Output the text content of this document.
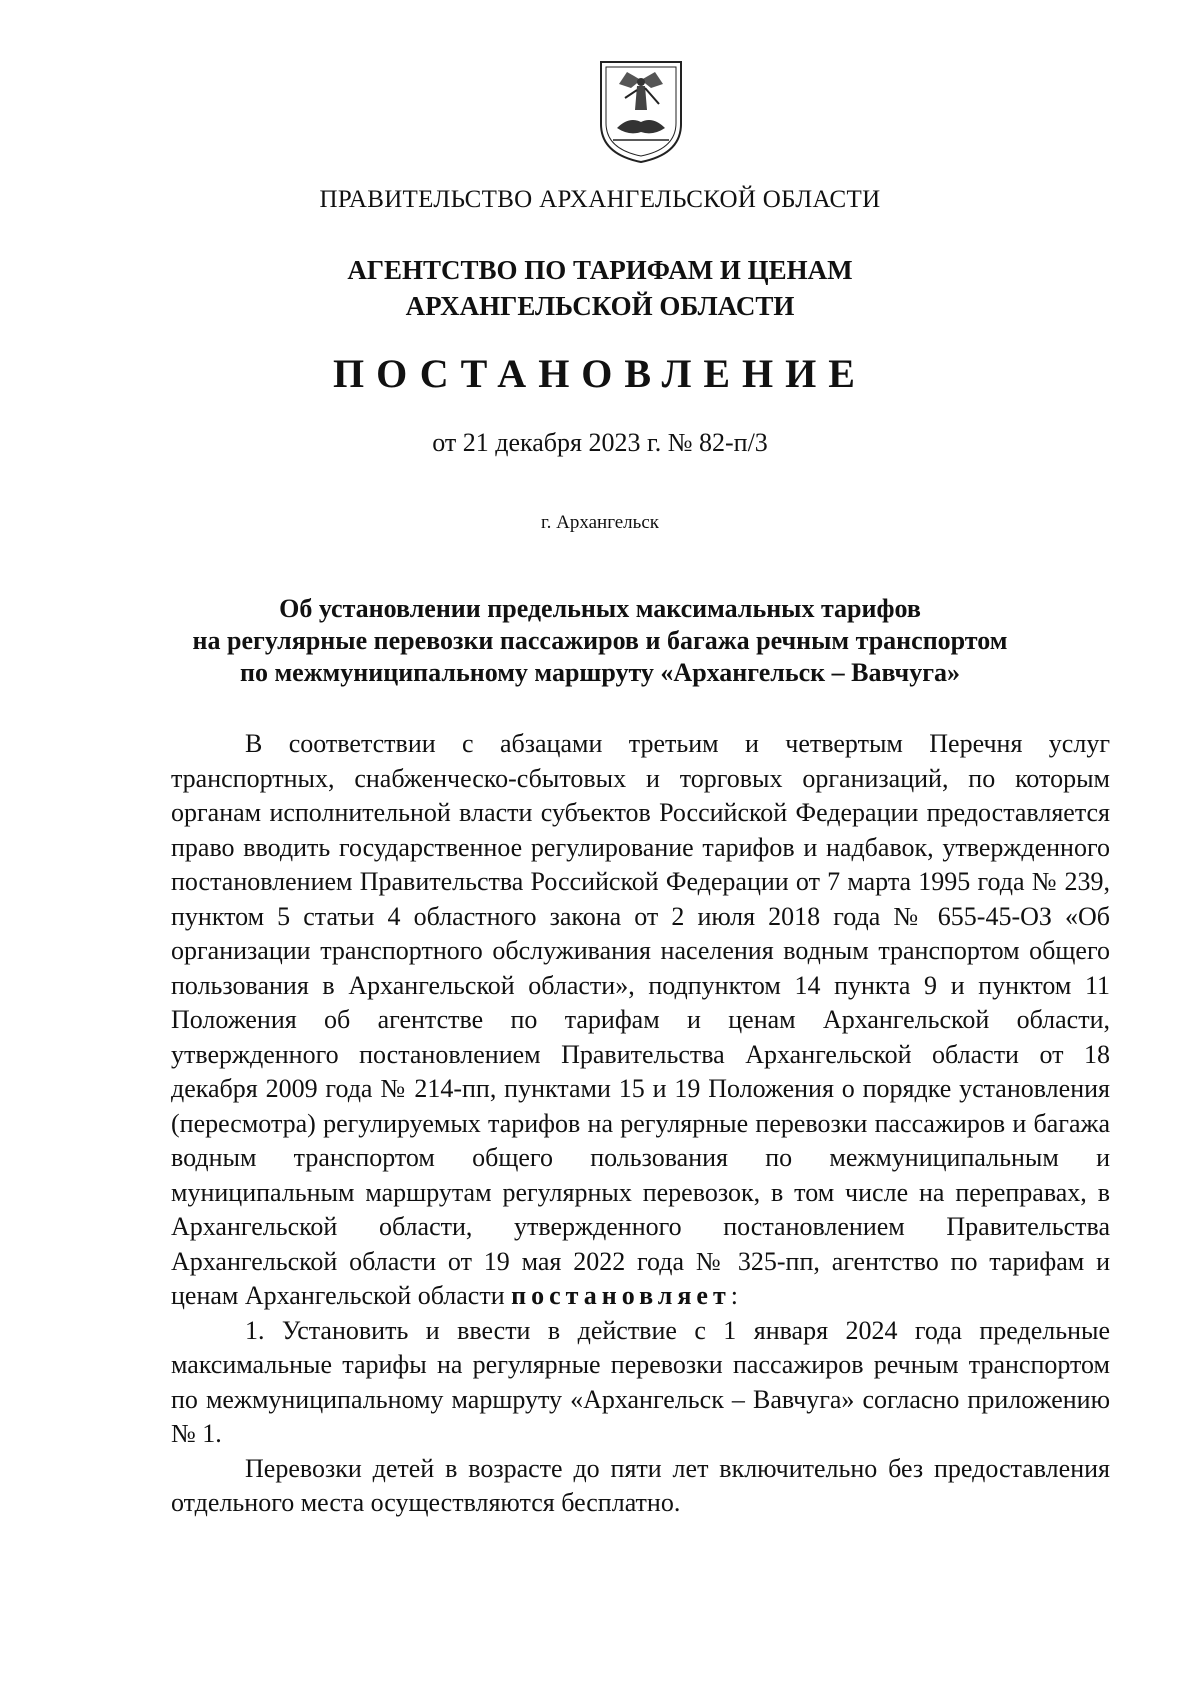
ПРАВИТЕЛЬСТВО АРХАНГЕЛЬСКОЙ ОБЛАСТИ
АГЕНТСТВО ПО ТАРИФАМ И ЦЕНАМ
АРХАНГЕЛЬСКОЙ ОБЛАСТИ
ПОСТАНОВЛЕНИЕ
от 21 декабря 2023 г. № 82-п/3
г. Архангельск
Об установлении предельных максимальных тарифов
на регулярные перевозки пассажиров и багажа речным транспортом
по межмуниципальному маршруту «Архангельск – Вавчуга»

В соответствии с абзацами третьим и четвертым Перечня услуг транспортных, снабженческо-сбытовых и торговых организаций, по которым органам исполнительной власти субъектов Российской Федерации предоставляется право вводить государственное регулирование тарифов и надбавок, утвержденного постановлением Правительства Российской Федерации от 7 марта 1995 года № 239, пунктом 5 статьи 4 областного закона от 2 июля 2018 года № 655-45-ОЗ «Об организации транспортного обслуживания населения водным транспортом общего пользования в Архангельской области», подпунктом 14 пункта 9 и пунктом 11 Положения об агентстве по тарифам и ценам Архангельской области, утвержденного постановлением Правительства Архангельской области от 18 декабря 2009 года № 214-пп, пунктами 15 и 19 Положения о порядке установления (пересмотра) регулируемых тарифов на регулярные перевозки пассажиров и багажа водным транспортом общего пользования по межмуниципальным и муниципальным маршрутам регулярных перевозок, в том числе на переправах, в Архангельской области, утвержденного постановлением Правительства Архангельской области от 19 мая 2022 года № 325-пп, агентство по тарифам и ценам Архангельской области постановляет:

1. Установить и ввести в действие с 1 января 2024 года предельные максимальные тарифы на регулярные перевозки пассажиров речным транспортом по межмуниципальному маршруту «Архангельск – Вавчуга» согласно приложению № 1.

Перевозки детей в возрасте до пяти лет включительно без предоставления отдельного места осуществляются бесплатно.
